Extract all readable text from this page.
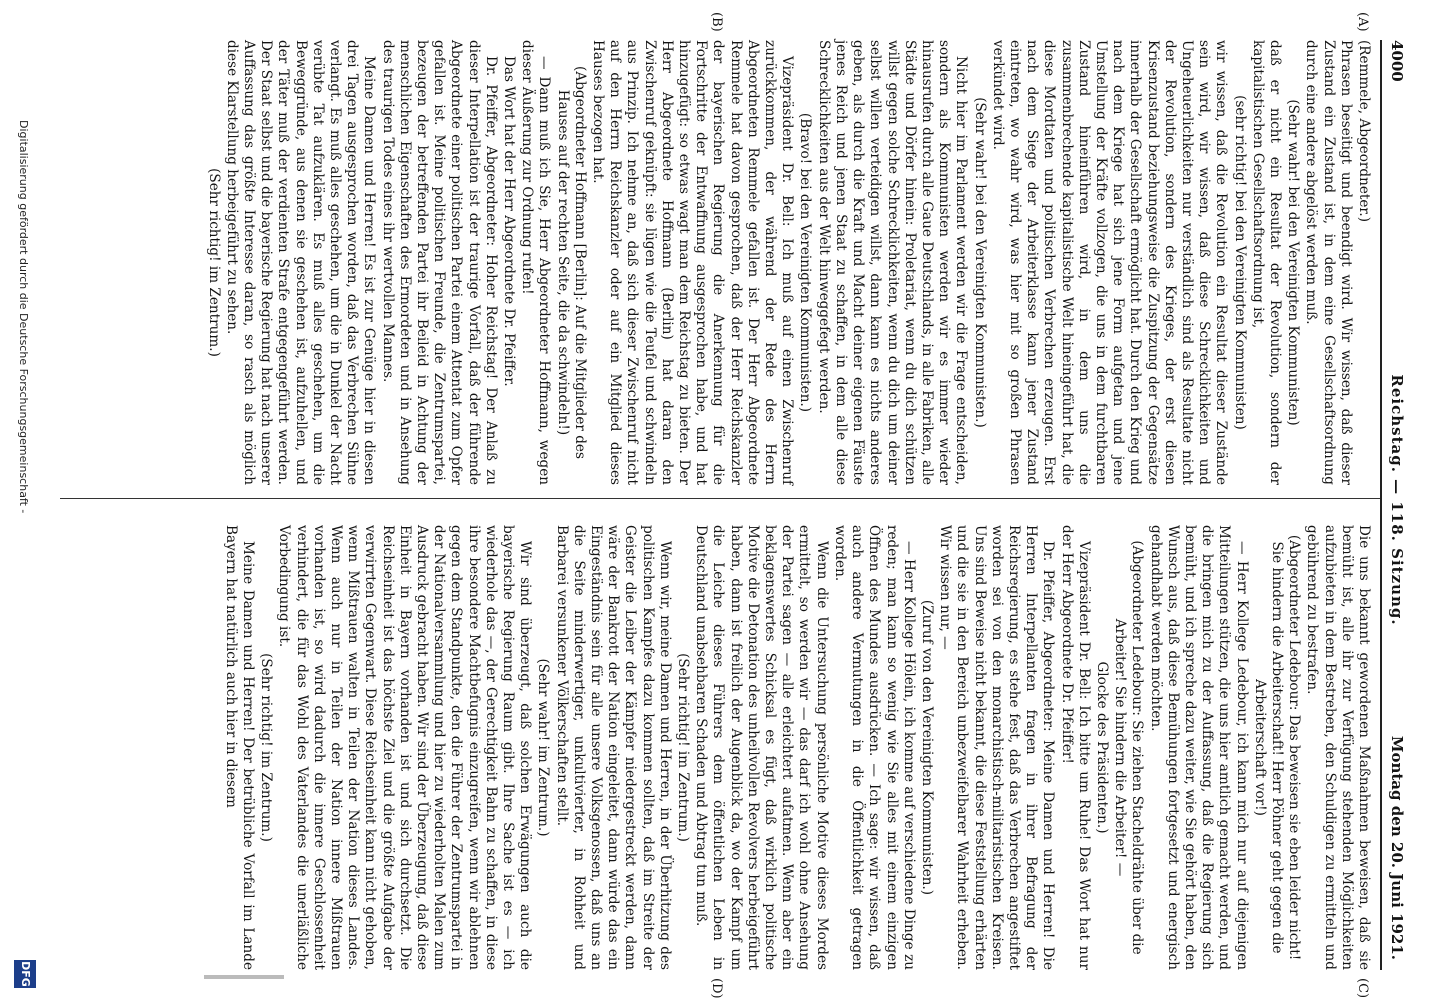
4000
Reichstag. — 118. Sitzung.
Montag den 20. Juni 1921.
(A)
(B)
(C)
(D)

(Remmele, Abgeordneter.)

Phrasen beseitigt und beendigt wird. Wir wissen, daß dieser Zustand ein Zustand ist, in dem eine Gesellschaftsordnung durch eine andere abgelöst werden muß.

(Sehr wahr! bei den Vereinigten Kommunisten)

daß er nicht ein Resultat der Revolution, sondern der kapitalistischen Gesellschaftsordnung ist,

(sehr richtig! bei den Vereinigten Kommunisten)

wir wissen, daß die Revolution ein Resultat dieser Zustände sein wird, wir wissen, daß diese Schrecklichkeiten und Ungeheuerlichkeiten nur verständlich sind als Resultate nicht der Revolution, sondern des Krieges, der erst diesen Krisenzustand beziehungsweise die Zuspitzung der Gegensätze innerhalb der Gesellschaft ermöglicht hat. Durch den Krieg und nach dem Kriege hat sich jene Form aufgetan und jene Umstellung der Kräfte vollzogen, die uns in dem furchtbaren Zustand hineinführen wird, in dem uns die zusammenbrechende kapitalistische Welt hineingeführt hat, die diese Mordtaten und politischen Verbrechen erzeugen. Erst nach dem Siege der Arbeiterklasse kann jener Zustand eintreten, wo wahr wird, was hier mit so großen Phrasen verkündet wird.

(Sehr wahr! bei den Vereinigten Kommunisten.)

Nicht hier im Parlament werden wir die Frage entscheiden, sondern als Kommunisten werden wir es immer wieder hinausrufen durch alle Gaue Deutschlands, in alle Fabriken, alle Städte und Dörfer hinein: Proletariat, wenn du dich schützen willst gegen solche Schrecklichkeiten, wenn du dich um deiner selbst willen verteidigen willst, dann kann es nichts anderes geben, als durch die Kraft und Macht deiner eigenen Fäuste jenes Reich und jenen Staat zu schaffen, in dem alle diese Schrecklichkeiten aus der Welt hinweggefegt werden.

(Bravo! bei den Vereinigten Kommunisten.)

Vizepräsident Dr. Bell: Ich muß auf einen Zwischenruf zurückkommen, der während der Rede des Herrn Abgeordneten Remmele gefallen ist. Der Herr Abgeordnete Remmele hat davon gesprochen, daß der Herr Reichskanzler der bayerischen Regierung die Anerkennung für die Fortschritte der Entwaffnung ausgesprochen habe, und hat hinzugefügt: so etwas wagt man dem Reichstag zu bieten. Der Herr Abgeordnete Hoffmann (Berlin) hat daran den Zwischenruf geknüpft: sie lügen wie die Teufel und schwindeln aus Prinzip. Ich nehme an, daß sich dieser Zwischenruf nicht auf den Herrn Reichskanzler oder auf ein Mitglied dieses Hauses bezogen hat.

(Abgeordneter Hoffmann [Berlin]: Auf die Mitglieder des Hauses auf der rechten Seite, die da schwindeln!)

— Dann muß ich Sie, Herr Abgeordneter Hoffmann, wegen dieser Äußerung zur Ordnung rufen!

Das Wort hat der Herr Abgeordnete Dr. Pfeiffer.

Dr. Pfeiffer, Abgeordneter: Hoher Reichstag! Der Anlaß zu dieser Interpellation ist der traurige Vorfall, daß der führende Abgeordnete einer politischen Partei einem Attentat zum Opfer gefallen ist. Meine politischen Freunde, die Zentrumspartei, bezeugen der betreffenden Partei ihr Beileid in Achtung der menschlichen Eigenschaften des Ermordeten und in Ansehung des traurigen Todes eines ihr wertvollen Mannes.

Meine Damen und Herren! Es ist zur Genüge hier in diesen drei Tagen ausgesprochen worden, daß das Verbrechen Sühne verlangt. Es muß alles geschehen, um die in Dunkel der Nacht verübte Tat aufzuklären. Es muß alles geschehen, um die Beweggründe, aus denen sie geschehen ist, aufzuhellen, und der Täter muß der verdienten Strafe entgegengeführt werden. Der Staat selbst und die bayerische Regierung hat nach unserer Auffassung das größte Interesse daran, so rasch als möglich diese Klarstellung herbeigeführt zu sehen.

(Sehr richtig! im Zentrum.)

Die uns bekannt gewordenen Maßnahmen beweisen, daß sie bemüht ist, alle ihr zur Verfügung stehenden Möglichkeiten aufzubieten in dem Bestreben, den Schuldigen zu ermitteln und gebührend zu bestrafen.

(Abgeordneter Ledebour: Das beweisen sie eben leider nicht! Sie hindern die Arbeiterschaft! Herr Pöhner geht gegen die Arbeiterschaft vor!)

— Herr Kollege Ledebour, ich kann mich nur auf diejenigen Mitteilungen stützen, die uns hier amtlich gemacht werden, und die bringen mich zu der Auffassung, daß die Regierung sich bemüht, und ich spreche dazu weiter, wie Sie gehört haben, den Wunsch aus, daß diese Bemühungen fortgesetzt und energisch gehandhabt werden möchten.

(Abgeordneter Ledebour: Sie ziehen Stacheldrähte über die Arbeiter! Sie hindern die Arbeiter! —

Glocke des Präsidenten.)

Vizepräsident Dr. Bell: Ich bitte um Ruhe! Das Wort hat nur der Herr Abgeordnete Dr. Pfeiffer!

Dr. Pfeiffer, Abgeordneter: Meine Damen und Herren! Die Herren Interpellanten fragen in ihrer Befragung der Reichsregierung, es stehe fest, daß das Verbrechen angestiftet worden sei von den monarchistisch-militaristischen Kreisen. Uns sind Beweise nicht bekannt, die diese Feststellung erhärten und die sie in den Bereich unbezweifelbarer Wahrheit erheben. Wir wissen nur, —

(Zuruf von den Vereinigten Kommunisten.)

— Herr Kollege Hölein, ich komme auf verschiedene Dinge zu reden; man kann so wenig wie Sie alles mit einem einzigen Öffnen des Mundes ausdrücken. — Ich sage: wir wissen, daß auch andere Vermutungen in die Öffentlichkeit getragen worden.

Wenn die Untersuchung persönliche Motive dieses Mordes ermittelt, so werden wir — das darf ich wohl ohne Ansehung der Partei sagen — alle erleichtert aufatmen. Wenn aber ein beklagenswertes Schicksal es fügt, daß wirklich politische Motive die Detonation des unheilvollen Revolvers herbeigeführt haben, dann ist freilich der Augenblick da, wo der Kampf um die Leiche dieses Führers dem öffentlichen Leben in Deutschland unabsehbaren Schaden und Abtrag tun muß.

(Sehr richtig! im Zentrum.)

Wenn wir, meine Damen und Herren, in der Überhitzung des politischen Kampfes dazu kommen sollten, daß im Streite der Geister die Leiber der Kämpfer niedergestreckt werden, dann wäre der Bankrott der Nation eingeleitet, dann würde das ein Eingeständnis sein für alle unsere Volksgenossen, daß uns an die Seite minderwertiger, unkultivierter, in Rohheit und Barbarei versunkener Völkerschaften stellt.

(Sehr wahr! im Zentrum.)

Wir sind überzeugt, daß solchen Erwägungen auch die bayerische Regierung Raum gibt. Ihre Sache ist es — ich wiederhole das —, der Gerechtigkeit Bahn zu schaffen, in diese ihre besondere Machtbefugnis einzugreifen, wenn wir ablehnen gegen dem Standpunkte, den die Führer der Zentrumspartei in der Nationalversammlung und hier zu wiederholten Malen zum Ausdruck gebracht haben. Wir sind der Überzeugung, daß diese Einheit in Bayern vorhanden ist und sich durchsetzt. Die Reichseinheit ist das höchste Ziel und die größte Aufgabe der verwirrten Gegenwart. Diese Reichseinheit kann nicht gehoben, wenn Mißtrauen walten in Teilen der Nation dieses Landes. Wenn auch nur in Teilen der Nation innere Mißtrauen vorhanden ist, so wird dadurch die innere Geschlossenheit verhindert, die für das Wohl des Vaterlandes die unerläßliche Vorbedingung ist.

(Sehr richtig! im Zentrum.)

Meine Damen und Herren! Der betrübliche Vorfall im Lande Bayern hat natürlich auch hier in diesem

Digitalisierung gefördert durch die Deutsche Forschungsgemeinschaft -
DFG
